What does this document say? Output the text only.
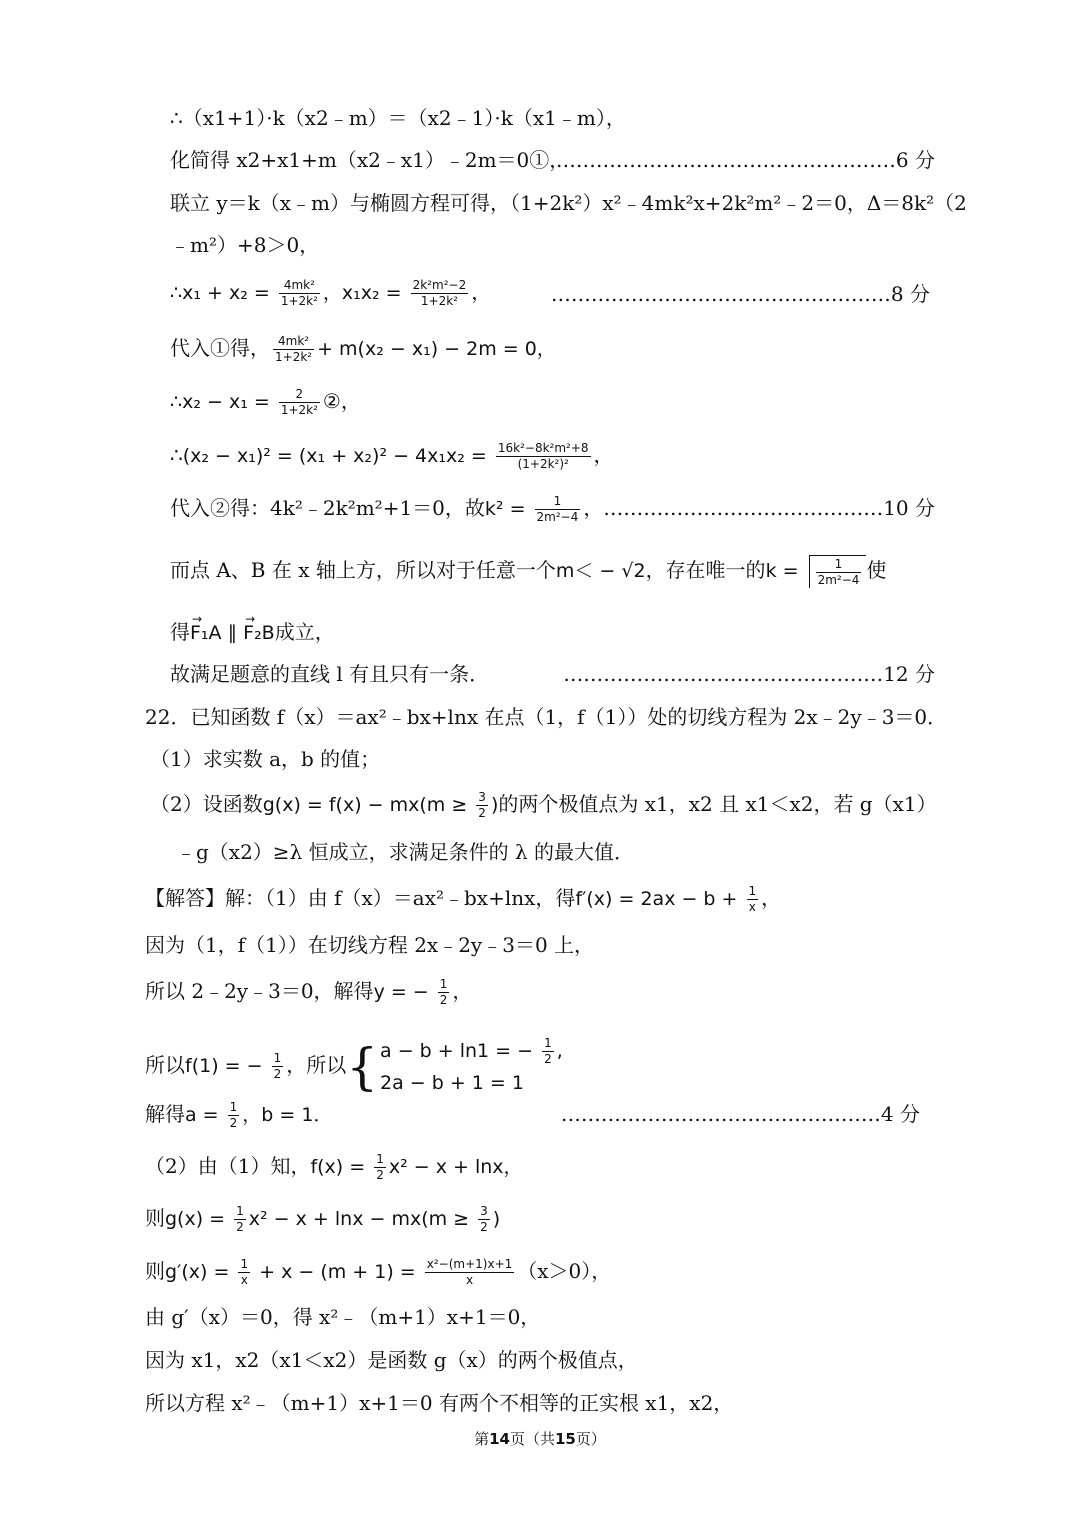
∴（x1+1）·k（x2﹣m）＝（x2﹣1）·k（x1﹣m），
化简得 x2+x1+m（x2﹣x1）﹣2m＝0①，
……………………………………………6 分
联立 y＝k（x﹣m）与椭圆方程可得，（1+2k²）x²﹣4mk²x+2k²m²﹣2＝0，Δ＝8k²（2
﹣m²）+8＞0，
∴x₁ + $x_2 = \frac{\text{4mk²}}{\text{1+2k²}}$ ，$x_1x_2 = \frac{\text{2k²m²−2}}{\text{1+2k²}}$ ，	……………………………………………8 分
代入①得， $\frac{\text{4mk²}}{\text{1+2k²}} + m(x_2 - x_1) - 2m = 0$，
∴x₂ − $x_1 = \frac{2}{\text{1+2k²}}$ ②，
∴(x₂ − $x_1)^2 = (x_1 + x_2)^2 - 4x_1x_2 = \frac{\text{16k²−8k²m²+8}}{\text{(1+2k²)²}}$ ，
代入②得：4k²﹣2k²m²+1＝0，故$k^2 = \frac{1}{\text{2m²−4}}$ ， ……………………………………10 分
而点 A、B 在 x 轴上方，所以对于任意一个m＜ − √2，存在唯一的$k = \frac{1}{\text{2m²−4}}$ 使
得→ F₁A ∥ → F₂B成立，
故满足题意的直线 l 有且只有一条．	…………………………………………12 分
22．已知函数 f（x）＝ax²﹣bx+lnx 在点（1，f（1））处的切线方程为 2x﹣2y﹣3＝0．
（1）求实数 a，b 的值；
（2）设函数$g(x) = f(x) - mx(m \ge \frac{3}{2}$ )的两个极值点为 x1，x2 且 x1＜x2，若 g（x1）
﹣g（x2）≥λ 恒成立，求满足条件的 λ 的最大值．
【解答】解：（1）由 f（x）＝ax²﹣bx+lnx，得$f'(x) = 2ax - b + \frac{1}{x}$ ，
因为（1，f（1））在切线方程 2x﹣2y﹣3＝0 上，
所以 2﹣2y﹣3＝0，解得y = − $\frac{1}{2}$ ，
所以f(1) = − $\frac{1}{2}$ ，所以{ a − b + ln1 = − $\frac{1}{2}$ ,
2a − b + 1 = 1
解得$a = \frac{1}{2}$ ，b = 1．	…………………………………………4 分
（2）由（1）知，$f(x) = \frac{1}{2} x^2 - x + \ln x$，
则$g(x) = \frac{1}{2} x^2 - x + \ln x - mx(m \ge \frac{3}{2}$ )
则$g'(x) = \frac{1}{x} + x - (m + 1) = \frac{\text{x²−(m+1)x+1}}{x} (x>0)$，
由 g′（x）＝0，得 x²﹣（m+1）x+1＝0，
因为 x1，x2（x1＜x2）是函数 g（x）的两个极值点，
所以方程 x²﹣（m+1）x+1＝0 有两个不相等的正实根 x1，x2，
第14页（共15页）
